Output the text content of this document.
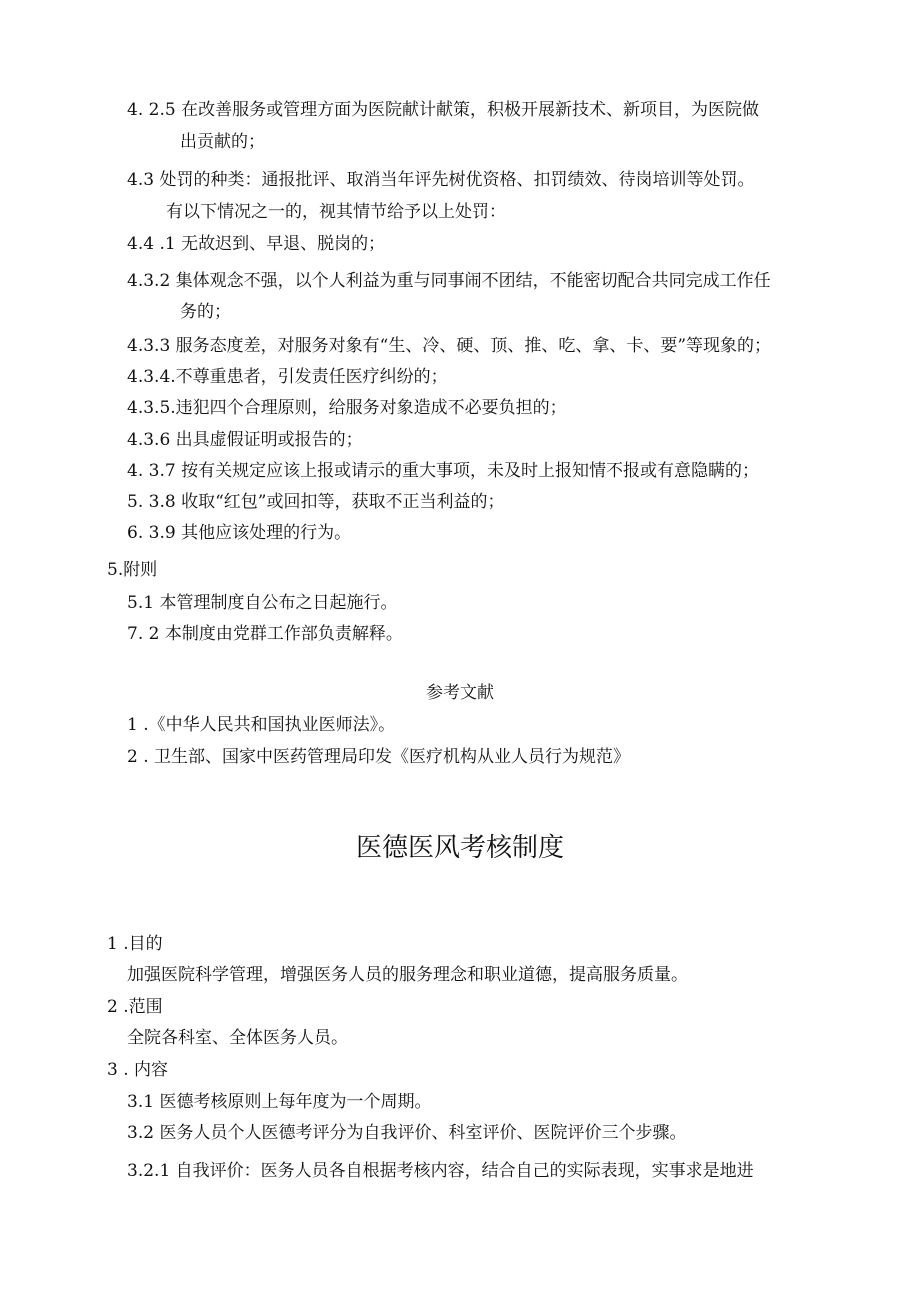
4. 2.5 在改善服务或管理方面为医院献计献策，积极开展新技术、新项目，为医院做
出贡献的；
4.3 处罚的种类：通报批评、取消当年评先树优资格、扣罚绩效、待岗培训等处罚。
有以下情况之一的，视其情节给予以上处罚：
4.4 .1 无故迟到、早退、脱岗的；
4.3.2 集体观念不强，以个人利益为重与同事闹不团结，不能密切配合共同完成工作任
务的；
4.3.3 服务态度差，对服务对象有“生、冷、硬、顶、推、吃、拿、卡、要”等现象的；
4.3.4.不尊重患者，引发责任医疗纠纷的；
4.3.5.违犯四个合理原则，给服务对象造成不必要负担的；
4.3.6 出具虚假证明或报告的；
4. 3.7 按有关规定应该上报或请示的重大事项，未及时上报知情不报或有意隐瞒的；
5. 3.8 收取“红包”或回扣等，获取不正当利益的；
6. 3.9 其他应该处理的行为。
5.附则
5.1 本管理制度自公布之日起施行。
7. 2 本制度由党群工作部负责解释。
参考文献
1 .《中华人民共和国执业医师法》。
2 . 卫生部、国家中医药管理局印发《医疗机构从业人员行为规范》
医德医风考核制度
1 .目的
加强医院科学管理，增强医务人员的服务理念和职业道德，提高服务质量。
2 .范围
全院各科室、全体医务人员。
3 . 内容
3.1 医德考核原则上每年度为一个周期。
3.2 医务人员个人医德考评分为自我评价、科室评价、医院评价三个步骤。
3.2.1 自我评价：医务人员各自根据考核内容，结合自己的实际表现，实事求是地进
